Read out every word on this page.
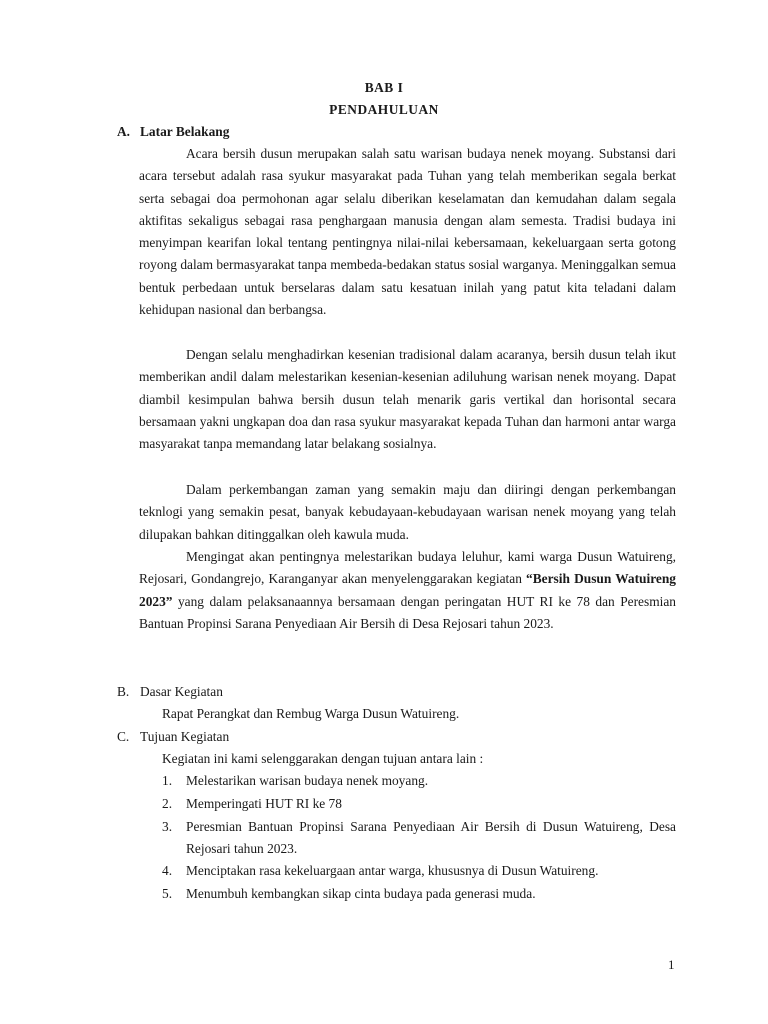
BAB I
PENDAHULUAN
A. Latar Belakang

Acara bersih dusun merupakan salah satu warisan budaya nenek moyang. Substansi dari acara tersebut adalah rasa syukur masyarakat pada Tuhan yang telah memberikan segala berkat serta sebagai doa permohonan agar selalu diberikan keselamatan dan kemudahan dalam segala aktifitas sekaligus sebagai rasa penghargaan manusia dengan alam semesta. Tradisi budaya ini menyimpan kearifan lokal tentang pentingnya nilai-nilai kebersamaan, kekeluargaan serta gotong royong dalam bermasyarakat tanpa membeda-bedakan status sosial warganya. Meninggalkan semua bentuk perbedaan untuk berselaras dalam satu kesatuan inilah yang patut kita teladani dalam kehidupan nasional dan berbangsa.

Dengan selalu menghadirkan kesenian tradisional dalam acaranya, bersih dusun telah ikut memberikan andil dalam melestarikan kesenian-kesenian adiluhung warisan nenek moyang. Dapat diambil kesimpulan bahwa bersih dusun telah menarik garis vertikal dan horisontal secara bersamaan yakni ungkapan doa dan rasa syukur masyarakat kepada Tuhan dan harmoni antar warga masyarakat tanpa memandang latar belakang sosialnya.

Dalam perkembangan zaman yang semakin maju dan diiringi dengan perkembangan teknlogi yang semakin pesat, banyak kebudayaan-kebudayaan warisan nenek moyang yang telah dilupakan bahkan ditinggalkan oleh kawula muda.

Mengingat akan pentingnya melestarikan budaya leluhur, kami warga Dusun Watuireng, Rejosari, Gondangrejo, Karanganyar akan menyelenggarakan kegiatan “Bersih Dusun Watuireng 2023” yang dalam pelaksanaannya bersamaan dengan peringatan HUT RI ke 78 dan Peresmian Bantuan Propinsi Sarana Penyediaan Air Bersih di Desa Rejosari tahun 2023.

B. Dasar Kegiatan
Rapat Perangkat dan Rembug Warga Dusun Watuireng.
C. Tujuan Kegiatan
Kegiatan ini kami selenggarakan dengan tujuan antara lain :
1. Melestarikan warisan budaya nenek moyang.
2. Memperingati HUT RI ke 78
3. Peresmian Bantuan Propinsi Sarana Penyediaan Air Bersih di Dusun Watuireng, Desa Rejosari tahun 2023.
4. Menciptakan rasa kekeluargaan antar warga, khususnya di Dusun Watuireng.
5. Menumbuh kembangkan sikap cinta budaya pada generasi muda.
1
